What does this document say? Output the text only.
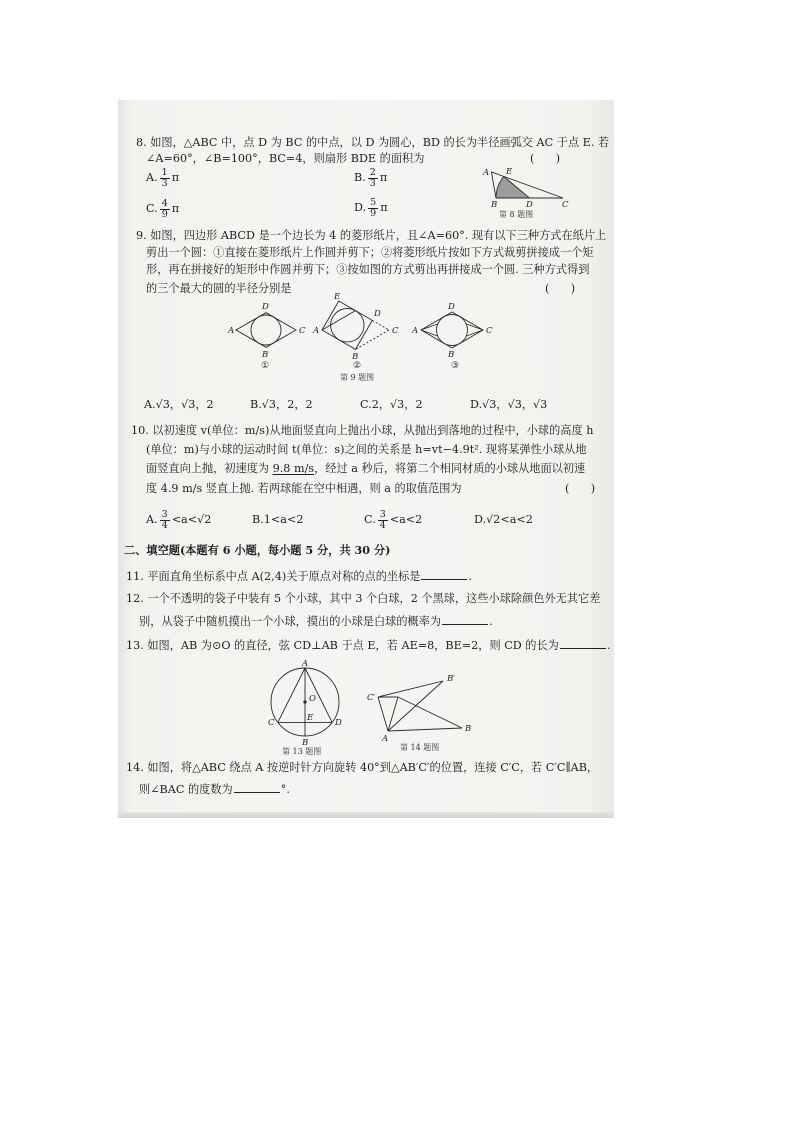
8. 如图，△ABC 中，点 D 为 BC 的中点，以 D 为圆心，BD 的长为半径画弧交 AC 于点 E. 若
∠A=60°，∠B=100°，BC=4，则扇形 BDE 的面积为	(      )
A. $\frac{1}{3}$ π	B. $\frac{2}{3}$ π
C. $\frac{4}{9}$ π	D. $\frac{5}{9}$ π
第 8 题图
9. 如图，四边形 ABCD 是一个边长为 4 的菱形纸片，且∠A=60°. 现有以下三种方式在纸片上
剪出一个圆：①直接在菱形纸片上作圆并剪下；②将菱形纸片按如下方式裁剪拼接成一个矩
形，再在拼接好的矩形中作圆并剪下；③按如图的方式剪出再拼接成一个圆. 三种方式得到
的三个最大的圆的半径分别是	(      )
第 9 题图
A.√3，√3，2	B.√3，2，2	C.2，√3，2	D.√3，√3，√3
10. 以初速度 v(单位：m/s)从地面竖直向上抛出小球，从抛出到落地的过程中，小球的高度 h
(单位：m)与小球的运动时间 t(单位：s)之间的关系是 h=vt−4.9t². 现将某弹性小球从地
面竖直向上抛，初速度为 9.8 m/s，经过 a 秒后，将第二个相同材质的小球从地面以初速
度 4.9 m/s 竖直上抛. 若两球能在空中相遇，则 a 的取值范围为	(      )
A. $\frac{3}{4} <a<√2$	B. 1<a<2	C. $\frac{3}{4} <a<2$	D. √2<a<2
二、填空题(本题有 6 小题，每小题 5 分，共 30 分)
11. 平面直角坐标系中点 A(2,4)关于原点对称的点的坐标是	.
12. 一个不透明的袋子中装有 5 个小球，其中 3 个白球，2 个黑球，这些小球除颜色外无其它差
别，从袋子中随机摸出一个小球，摸出的小球是白球的概率为	.
13. 如图，AB 为⊙O 的直径，弦 CD⊥AB 于点 E，若 AE=8，BE=2，则 CD 的长为	.
第 13 题图	第 14 题图
14. 如图，将△ABC 绕点 A 按逆时针方向旋转 40°到△AB′C′的位置，连接 C′C，若 C′C∥AB，
则∠BAC 的度数为	°.
A E
B	D	C
A
D
C
B
①
E
D
A	C
B
②
D
A	C
B
③
A
O
C	E	D
B
C′
B′
A
B
